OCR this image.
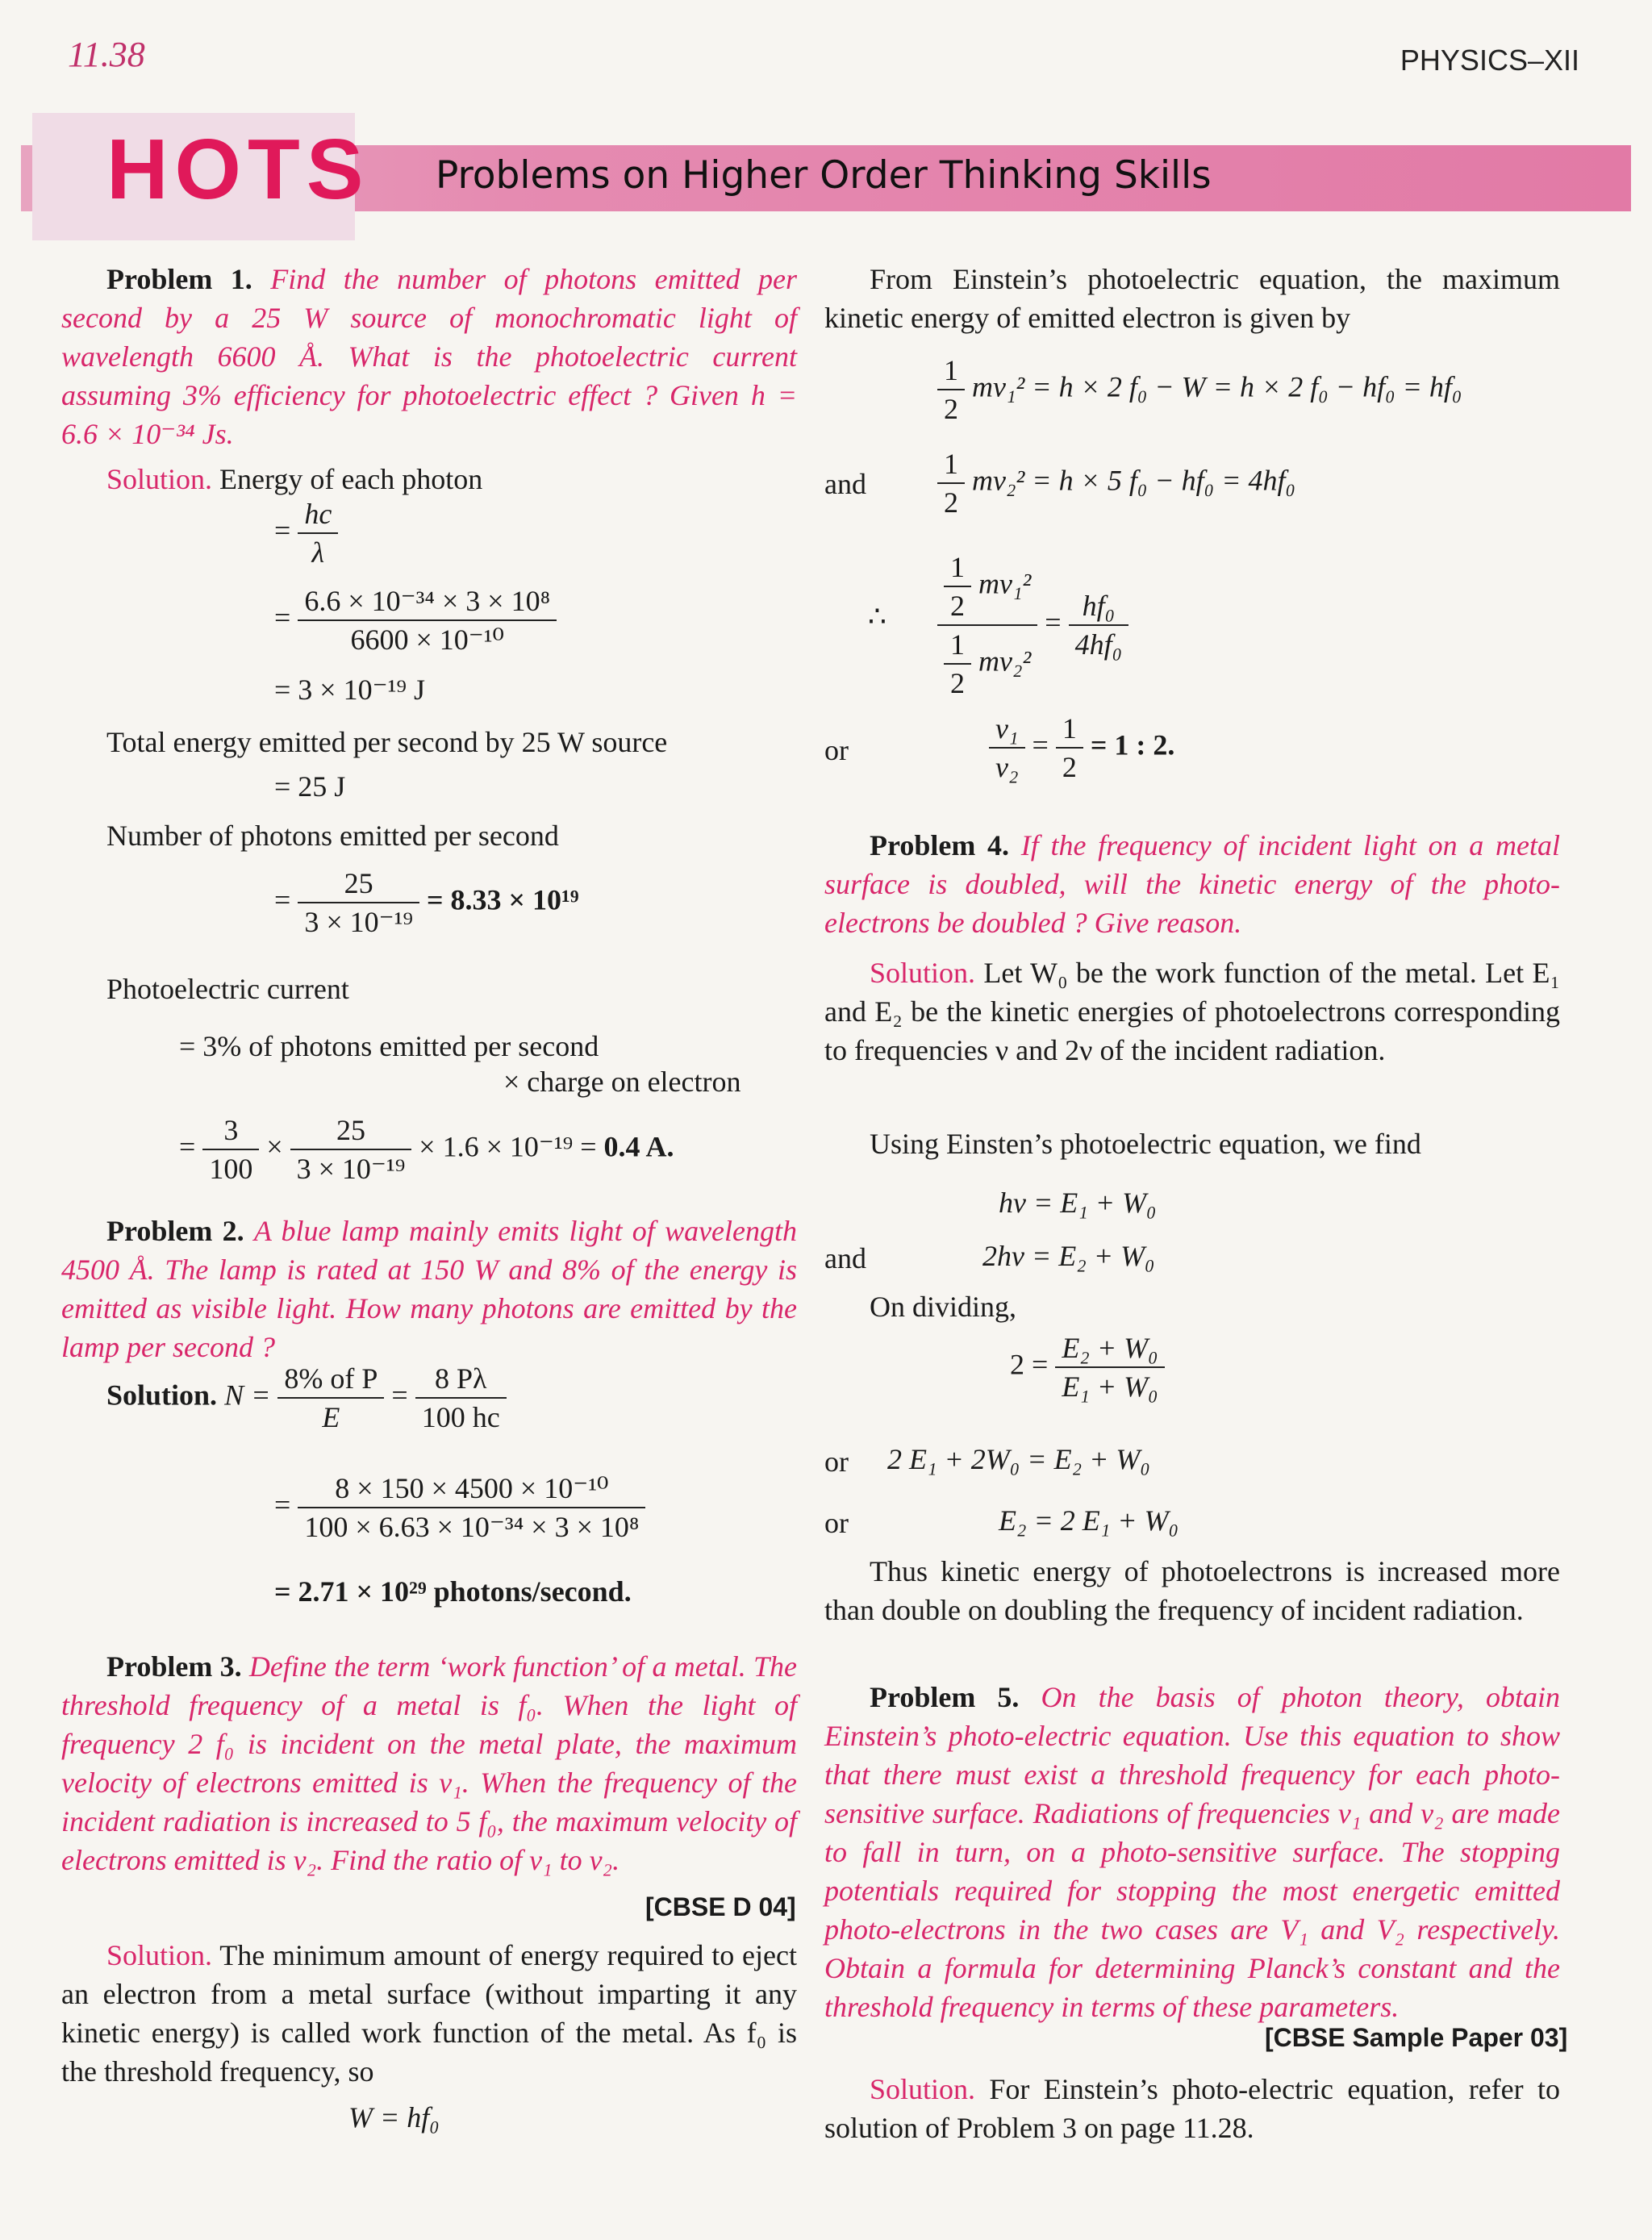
11.38	PHYSICS–XII
HOTS Problems on Higher Order Thinking Skills
Problem 1. Find the number of photons emitted per second by a 25 W source of monochromatic light of wavelength 6600 Å. What is the photoelectric current assuming 3% efficiency for photoelectric effect ? Given h = 6.6 × 10⁻³⁴ Js.
Solution. Energy of each photon
= $\frac{hc}{\lambda}$
= $\frac{\text{6.6 × 10⁻³⁴ × 3 × 10⁸}}{\text{6600 × 10⁻¹⁰}}$
= 3 × 10⁻¹⁹ J
Total energy emitted per second by 25 W source
= 25 J
Number of photons emitted per second
= $\frac{25}{\text{3 × 10⁻¹⁹}} = 8.33 \times 10^{19}$
Photoelectric current
= 3% of photons emitted per second
× charge on electron
= $\frac{3}{100} \times \frac{25}{\text{3 × 10⁻¹⁹}} \times 1.6 \times 10^{-19} = 0.4$ A.
Problem 2. A blue lamp mainly emits light of wavelength 4500 Å. The lamp is rated at 150 W and 8% of the energy is emitted as visible light. How many photons are emitted by the lamp per second ?
Solution. $N = \frac{\text{8\% of P}}{E} = \frac{8 P\lambda}{100 hc}$
= $\frac{\text{8 × 150 × 4500 × 10⁻¹⁰}}{\text{100 × 6.63 × 10⁻³⁴ × 3 × 10⁸}}$
= 2.71 × 10²⁹ photons/second.
Problem 3. Define the term ‘work function’ of a metal. The threshold frequency of a metal is f₀. When the light of frequency 2 f₀ is incident on the metal plate, the maximum velocity of electrons emitted is v₁. When the frequency of the incident radiation is increased to 5 f₀, the maximum velocity of electrons emitted is v₂. Find the ratio of v₁ to v₂.
[CBSE D 04]
Solution. The minimum amount of energy required to eject an electron from a metal surface (without imparting it any kinetic energy) is called work function of the metal. As f₀ is the threshold frequency, so
W = hf₀
From Einstein’s photoelectric equation, the maximum kinetic energy of emitted electron is given by
$\frac{1}{2} mv_1^2 = h \times 2$ f₀ − W = h × 2 f₀ − hf₀ = hf₀
and $\frac{1}{2} mv_2^2 = h \times 5$ f₀ − hf₀ = 4hf₀
∴ $\frac{\frac{1}{2} mv_1^2}{\frac{1}{2} mv_2^2} = \frac{\text{hf₀}}{\text{4hf₀}}$
or	$\frac{\text{v₁}}{\text{v₂}} = \frac{1}{2} = 1$ : 2.
Problem 4. If the frequency of incident light on a metal surface is doubled, will the kinetic energy of the photo-electrons be doubled ? Give reason.
Solution. Let W₀ be the work function of the metal. Let E₁ and E₂ be the kinetic energies of photoelectrons corresponding to frequencies ν and 2ν of the incident radiation.
Using Einsten’s photoelectric equation, we find
hν = E₁ + W₀
and	2hν = E₂ + W₀
On dividing,
$2 = \frac{\text{E₂ + W₀}}{\text{E₁ + W₀}}$
or 2 E₁ + 2W₀ = E₂ + W₀
or	E₂ = 2 E₁ + W₀
Thus kinetic energy of photoelectrons is increased more than double on doubling the frequency of incident radiation.
Problem 5. On the basis of photon theory, obtain Einstein’s photo-electric equation. Use this equation to show that there must exist a threshold frequency for each photo-sensitive surface. Radiations of frequencies ν₁ and ν₂ are made to fall in turn, on a photo-sensitive surface. The stopping potentials required for stopping the most energetic emitted photo-electrons in the two cases are V₁ and V₂ respectively. Obtain a formula for determining Planck’s constant and the threshold frequency in terms of these parameters.
[CBSE Sample Paper 03]
Solution. For Einstein’s photo-electric equation, refer to solution of Problem 3 on page 11.28.
